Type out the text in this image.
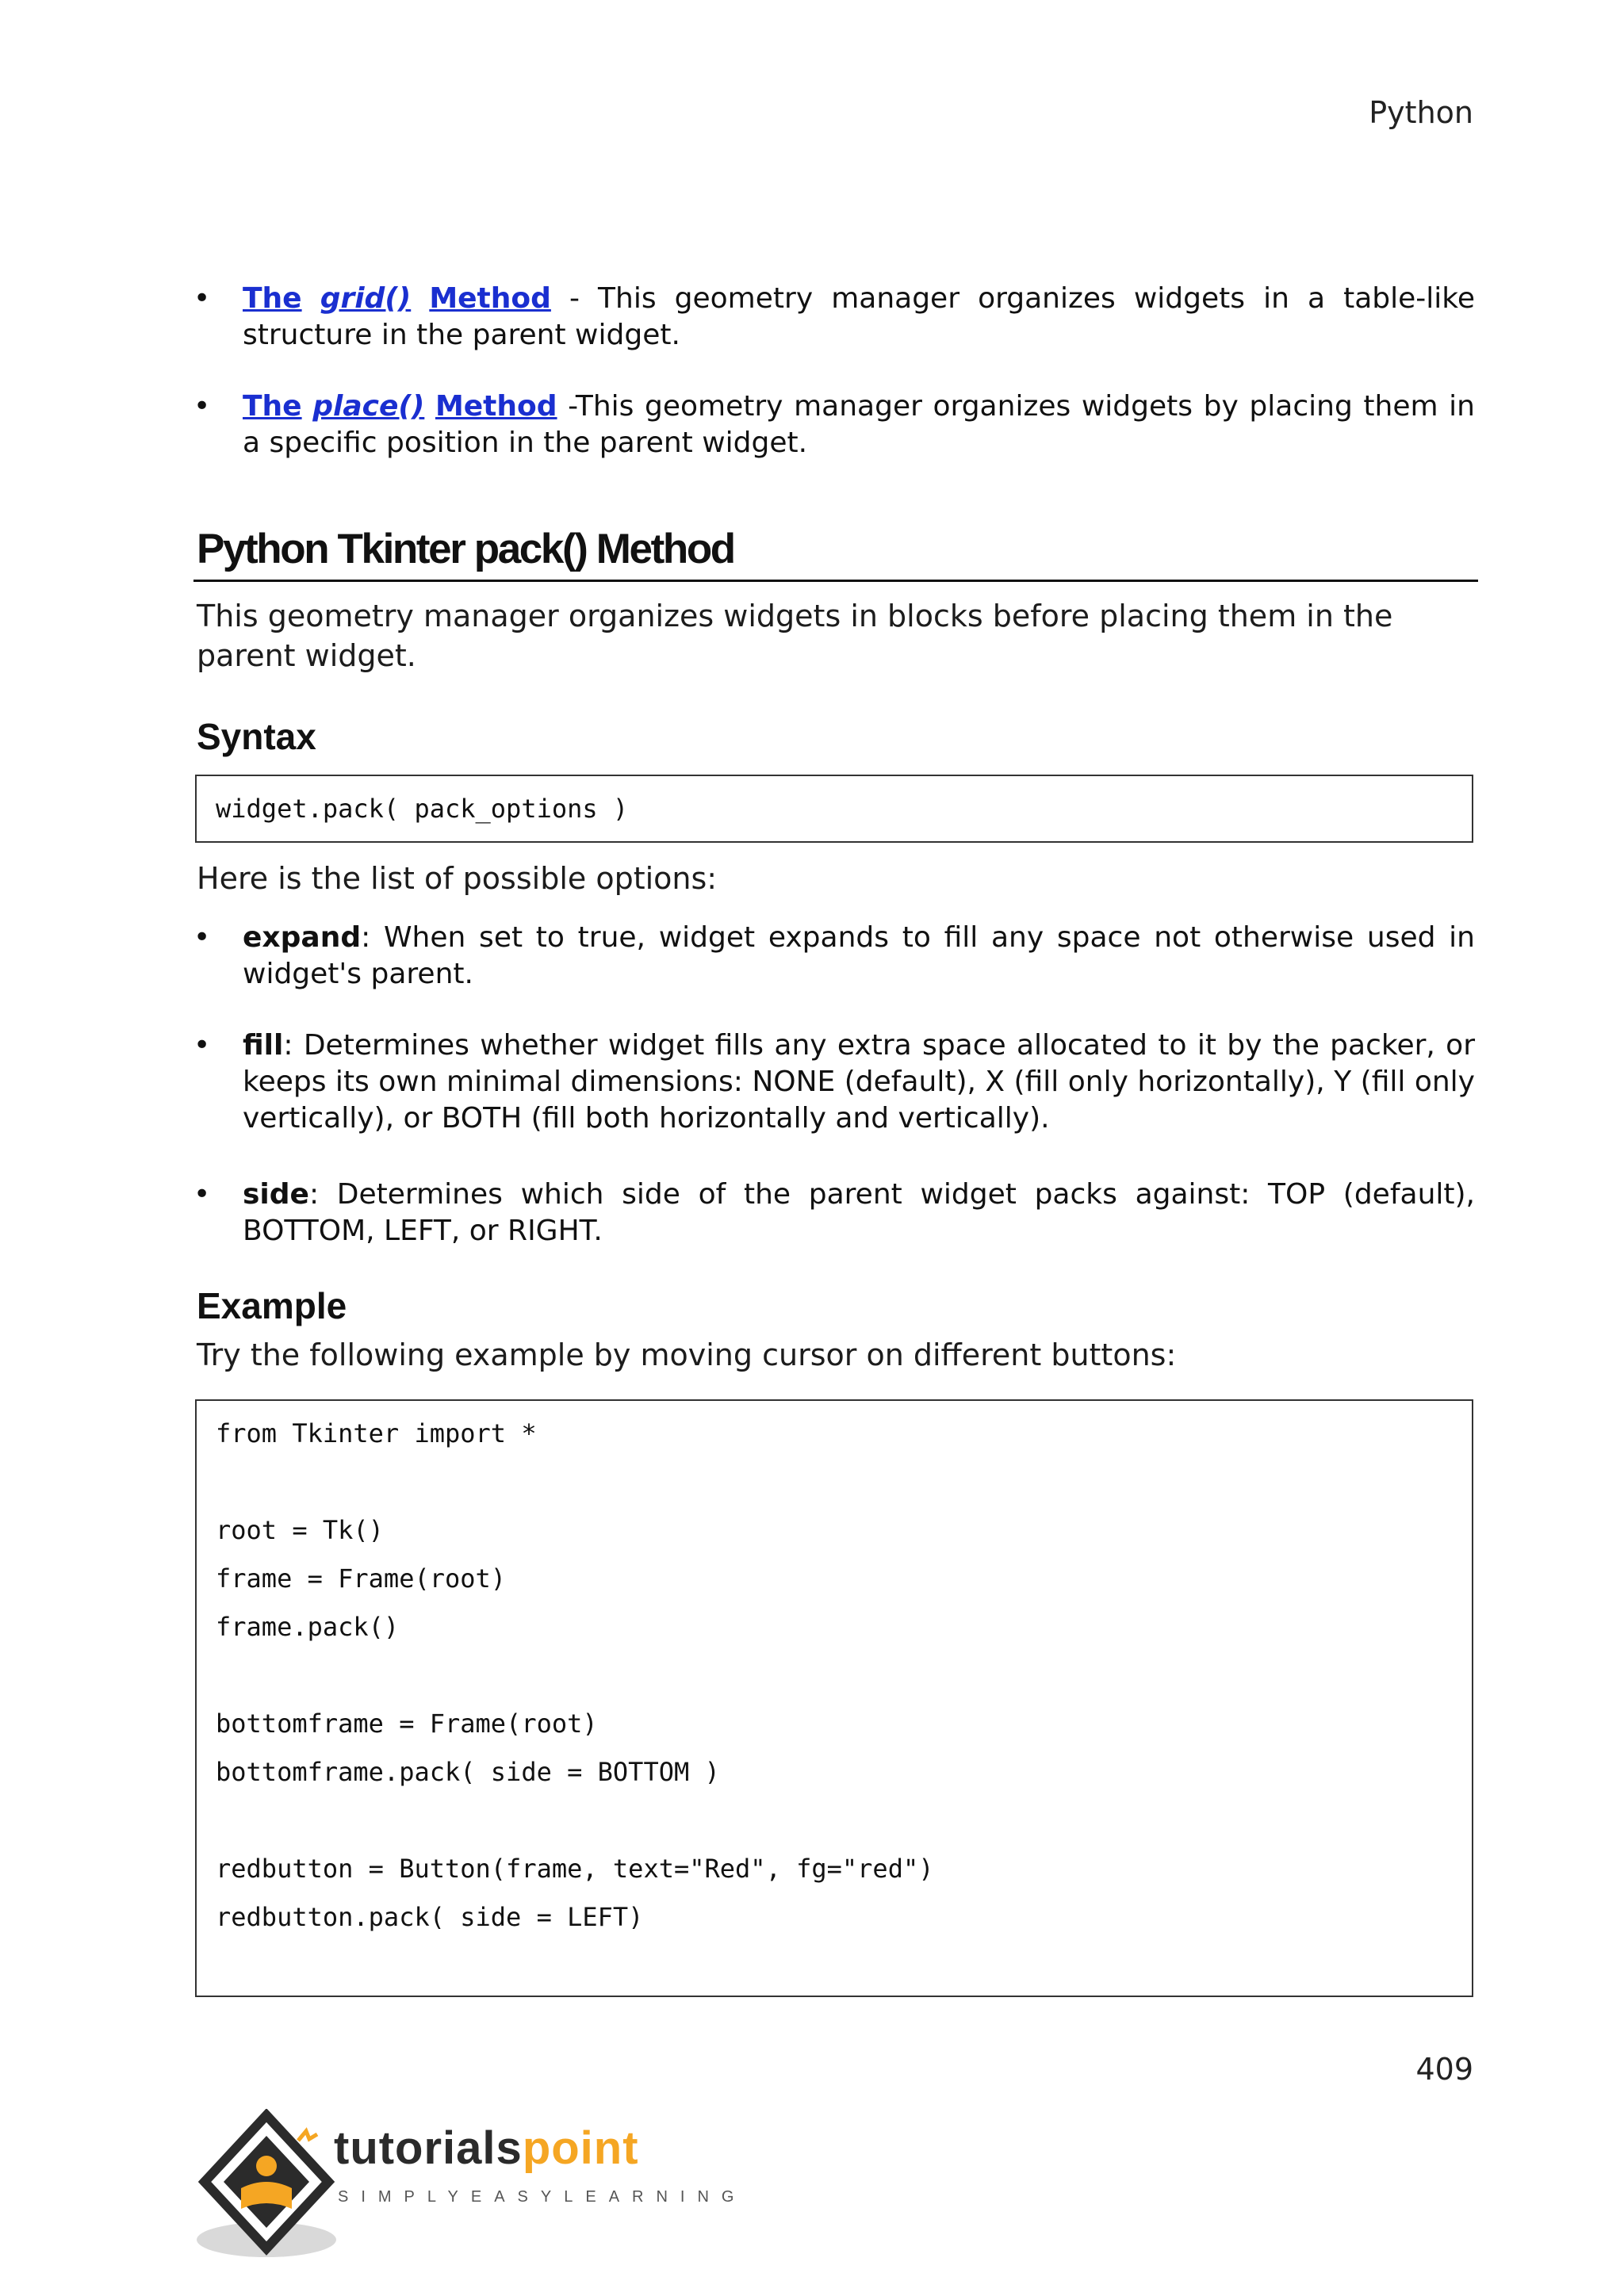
Python
• The grid() Method - This geometry manager organizes widgets in a table-like structure in the parent widget.
• The place() Method -This geometry manager organizes widgets by placing them in a specific position in the parent widget.
Python Tkinter pack() Method
This geometry manager organizes widgets in blocks before placing them in the parent widget.
Syntax
widget.pack( pack_options )
Here is the list of possible options:
• expand: When set to true, widget expands to fill any space not otherwise used in widget's parent.
• fill: Determines whether widget fills any extra space allocated to it by the packer, or keeps its own minimal dimensions: NONE (default), X (fill only horizontally), Y (fill only vertically), or BOTH (fill both horizontally and vertically).
• side: Determines which side of the parent widget packs against: TOP (default), BOTTOM, LEFT, or RIGHT.
Example
Try the following example by moving cursor on different buttons:
from Tkinter import *
root = Tk()
frame = Frame(root)
frame.pack()
bottomframe = Frame(root)
bottomframe.pack( side = BOTTOM )
redbutton = Button(frame, text="Red", fg="red")
redbutton.pack( side = LEFT)
409
tutorialspoint
SIMPLYEASYLEARNING
